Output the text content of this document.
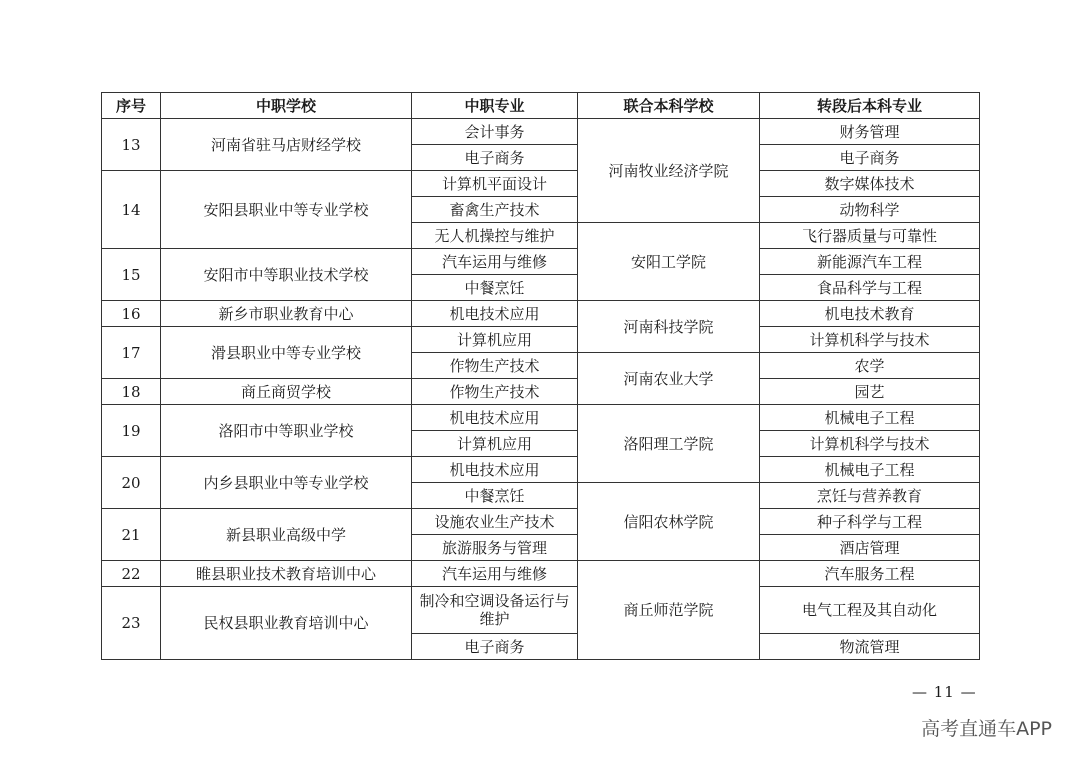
序号	中职学校	中职专业	联合本科学校	转段后本科专业
13	河南省驻马店财经学校	会计事务	河南牧业经济学院	财务管理
		电子商务		电子商务
14	安阳县职业中等专业学校	计算机平面设计		数字媒体技术
		畜禽生产技术		动物科学
		无人机操控与维护	安阳工学院	飞行器质量与可靠性
15	安阳市中等职业技术学校	汽车运用与维修		新能源汽车工程
		中餐烹饪		食品科学与工程
16	新乡市职业教育中心	机电技术应用	河南科技学院	机电技术教育
17	滑县职业中等专业学校	计算机应用		计算机科学与技术
		作物生产技术	河南农业大学	农学
18	商丘商贸学校	作物生产技术		园艺
19	洛阳市中等职业学校	机电技术应用	洛阳理工学院	机械电子工程
		计算机应用		计算机科学与技术
20	内乡县职业中等专业学校	机电技术应用		机械电子工程
		中餐烹饪	信阳农林学院	烹饪与营养教育
21	新县职业高级中学	设施农业生产技术		种子科学与工程
		旅游服务与管理		酒店管理
22	睢县职业技术教育培训中心	汽车运用与维修	商丘师范学院	汽车服务工程
23	民权县职业教育培训中心	制冷和空调设备运行与维护		电气工程及其自动化
		电子商务		物流管理
— 11 —
高考直通车APP
